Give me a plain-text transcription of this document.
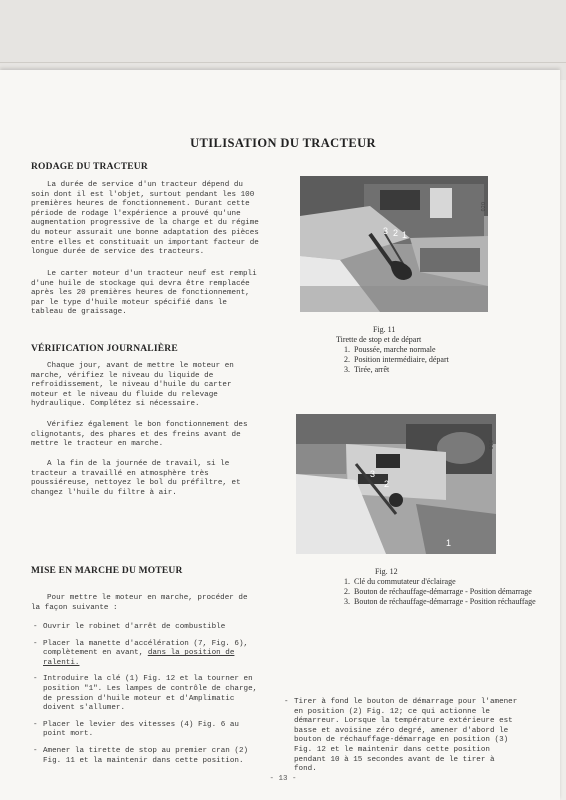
UTILISATION DU TRACTEUR
RODAGE DU TRACTEUR

La durée de service d'un tracteur dépend du soin dont il est l'objet, surtout pendant les 100 premières heures de fonctionnement. Durant cette période de rodage l'expérience a prouvé qu'une augmentation progressive de la charge et du régime du moteur assurait une bonne adaptation des pièces entre elles et constituait un important facteur de longue durée de service des tracteurs.

Le carter moteur d'un tracteur neuf est rempli d'une huile de stockage qui devra être remplacée après les 20 premières heures de fonctionnement, par le type d'huile moteur spécifié dans le tableau de graissage.

VÉRIFICATION JOURNALIÈRE

Chaque jour, avant de mettre le moteur en marche, vérifiez le niveau du liquide de refroidissement, le niveau d'huile du carter moteur et le niveau du fluide du relevage hydraulique. Complétez si nécessaire.

Vérifiez également le bon fonctionnement des clignotants, des phares et des freins avant de mettre le tracteur en marche.

A la fin de la journée de travail, si le tracteur a travaillé en atmosphère très poussiéreuse, nettoyez le bol du préfiltre, et changez l'huile du filtre à air.

020
3 2 1
Fig. 11
Tirette de stop et de départ
1. Poussée, marche normale
2. Position intermédiaire, départ
3. Tirée, arrêt
019
3
2
1
Fig. 12
1. Clé du commutateur d'éclairage
2. Bouton de réchauffage-démarrage - Position démarrage
3. Bouton de réchauffage-démarrage - Position réchauffage
MISE EN MARCHE DU MOTEUR

Pour mettre le moteur en marche, procéder de la façon suivante :

- Ouvrir le robinet d'arrêt de combustible
- Placer la manette d'accélération (7, Fig. 6), complètement en avant, dans la position de ralenti.
- Introduire la clé (1) Fig. 12 et la tourner en position "1". Les lampes de contrôle de charge, de pression d'huile moteur et d'Amplimatic doivent s'allumer.
- Placer le levier des vitesses (4) Fig. 6 au point mort.
- Amener la tirette de stop au premier cran (2) Fig. 11 et la maintenir dans cette position.
- Tirer à fond le bouton de démarrage pour l'amener en position (2) Fig. 12; ce qui actionne le démarreur. Lorsque la température extérieure est basse et avoisine zéro degré, amener d'abord le bouton de réchauffage-démarrage en position (3) Fig. 12 et le maintenir dans cette position pendant 10 à 15 secondes avant de le tirer à fond.
- 13 -
